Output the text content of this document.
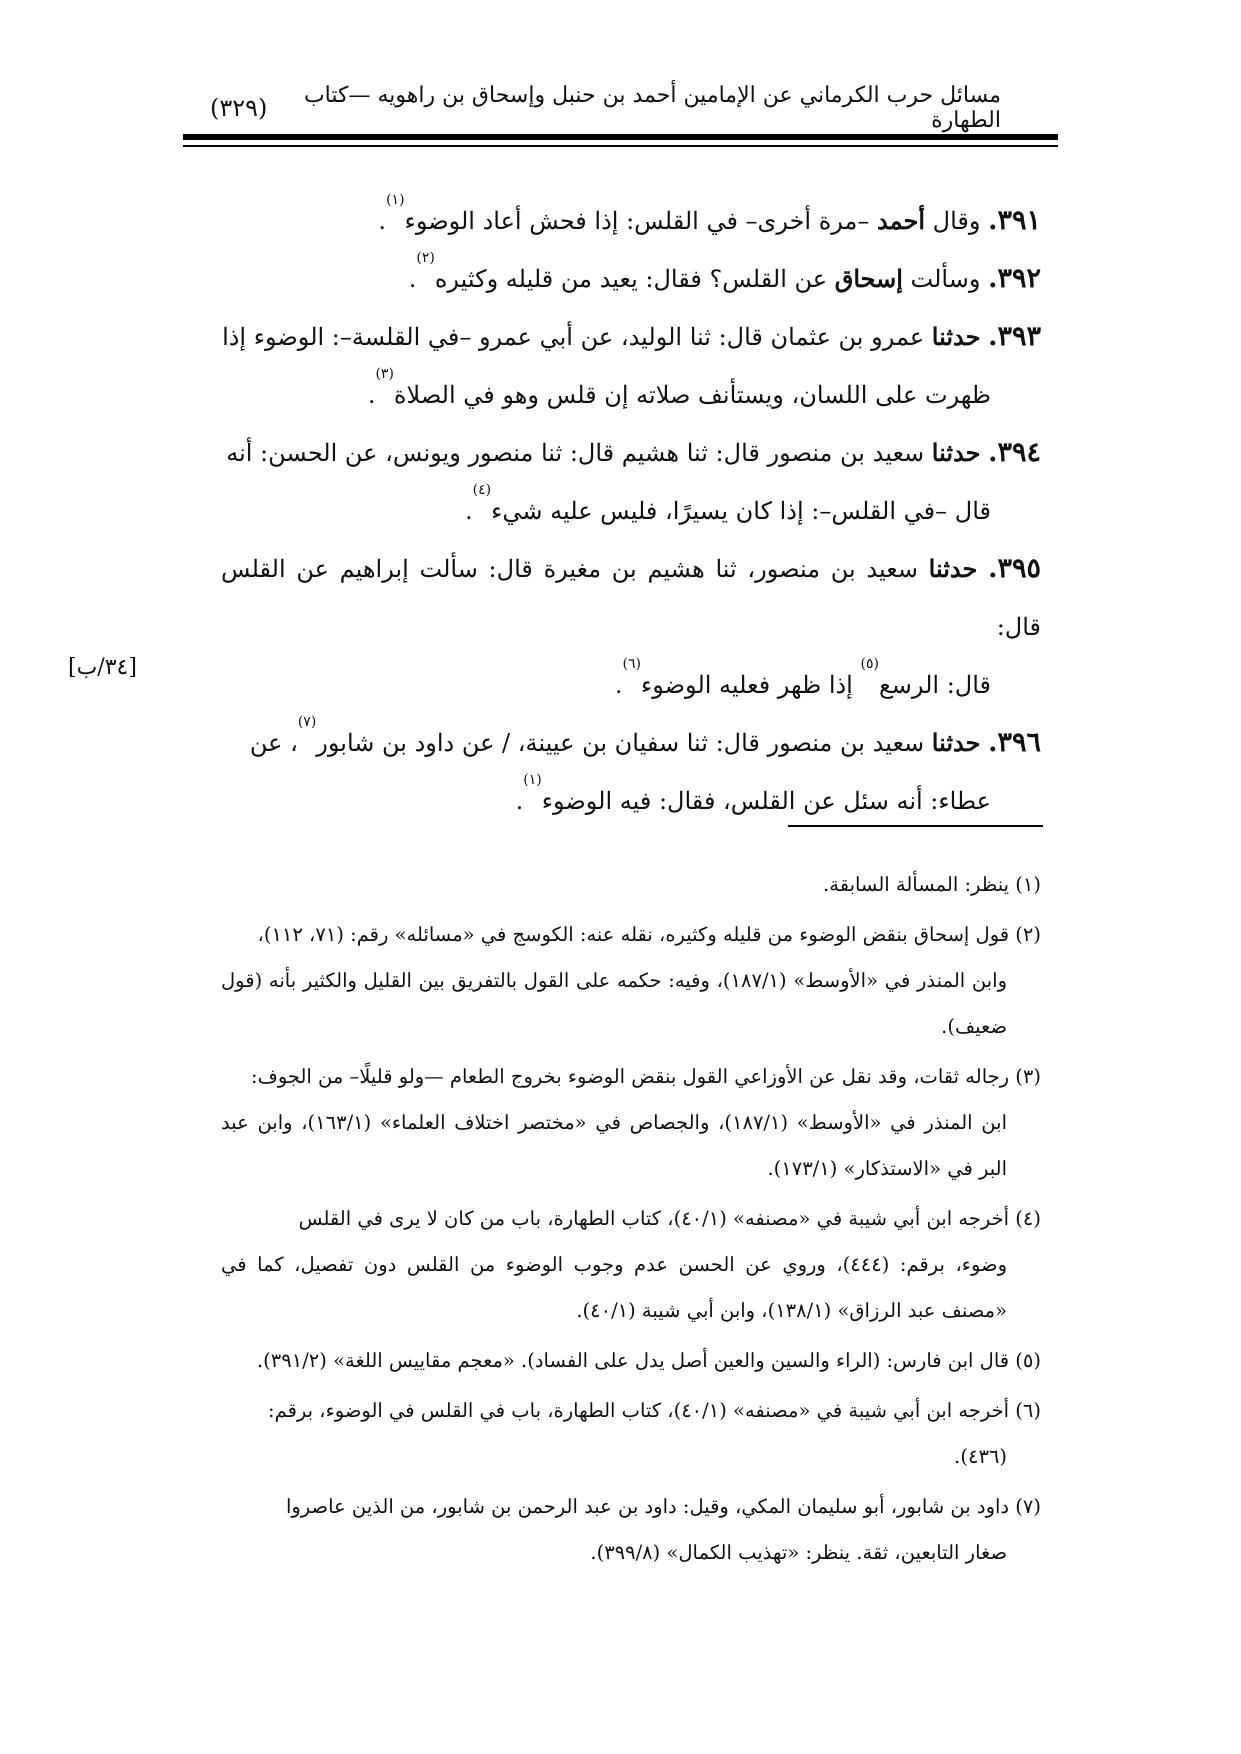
مسائل حرب الكرماني عن الإمامين أحمد بن حنبل وإسحاق بن راهويه —كتاب الطهارة
(٣٢٩)
[٣٤/ب]
٣٩١. وقال أحمد –مرة أخرى– في القلس: إذا فحش أعاد الوضوء$^{(١)}$.
٣٩٢. وسألت إسحاق عن القلس؟ فقال: يعيد من قليله وكثيره$^{(٢)}$.
٣٩٣. حدثنا عمرو بن عثمان قال: ثنا الوليد، عن أبي عمرو –في القلسة–: الوضوء إذا
ظهرت على اللسان، ويستأنف صلاته إن قلس وهو في الصلاة$^{(٣)}$.
٣٩٤. حدثنا سعيد بن منصور قال: ثنا هشيم قال: ثنا منصور ويونس، عن الحسن: أنه
قال –في القلس–: إذا كان يسيرًا، فليس عليه شيء$^{(٤)}$.
٣٩٥. حدثنا سعيد بن منصور، ثنا هشيم بن مغيرة قال: سألت إبراهيم عن القلس قال:
قال: الرسع$^{(٥)}$ إذا ظهر فعليه الوضوء$^{(٦)}$.
٣٩٦. حدثنا سعيد بن منصور قال: ثنا سفيان بن عيينة، / عن داود بن شابور$^{(٧)}$، عن
عطاء: أنه سئل عن القلس، فقال: فيه الوضوء$^{(١)}$.
(١) ينظر: المسألة السابقة.
(٢) قول إسحاق بنقض الوضوء من قليله وكثيره، نقله عنه: الكوسج في «مسائله» رقم: (٧١، ١١٢)،
وابن المنذر في «الأوسط» (١٨٧/١)، وفيه: حكمه على القول بالتفريق بين القليل والكثير بأنه (قول ضعيف).
(٣) رجاله ثقات، وقد نقل عن الأوزاعي القول بنقض الوضوء بخروج الطعام —ولو قليلًا– من الجوف:
ابن المنذر في «الأوسط» (١٨٧/١)، والجصاص في «مختصر اختلاف العلماء» (١٦٣/١)، وابن عبد البر في «الاستذكار» (١٧٣/١).
(٤) أخرجه ابن أبي شيبة في «مصنفه» (٤٠/١)، كتاب الطهارة، باب من كان لا يرى في القلس
وضوء، برقم: (٤٤٤)، وروي عن الحسن عدم وجوب الوضوء من القلس دون تفصيل، كما في «مصنف عبد الرزاق» (١٣٨/١)، وابن أبي شيبة (٤٠/١).
(٥) قال ابن فارس: (الراء والسين والعين أصل يدل على الفساد). «معجم مقاييس اللغة» (٣٩١/٢).
(٦) أخرجه ابن أبي شيبة في «مصنفه» (٤٠/١)، كتاب الطهارة، باب في القلس في الوضوء، برقم:
(٤٣٦).
(٧) داود بن شابور، أبو سليمان المكي، وقيل: داود بن عبد الرحمن بن شابور، من الذين عاصروا
صغار التابعين، ثقة. ينظر: «تهذيب الكمال» (٣٩٩/٨).
